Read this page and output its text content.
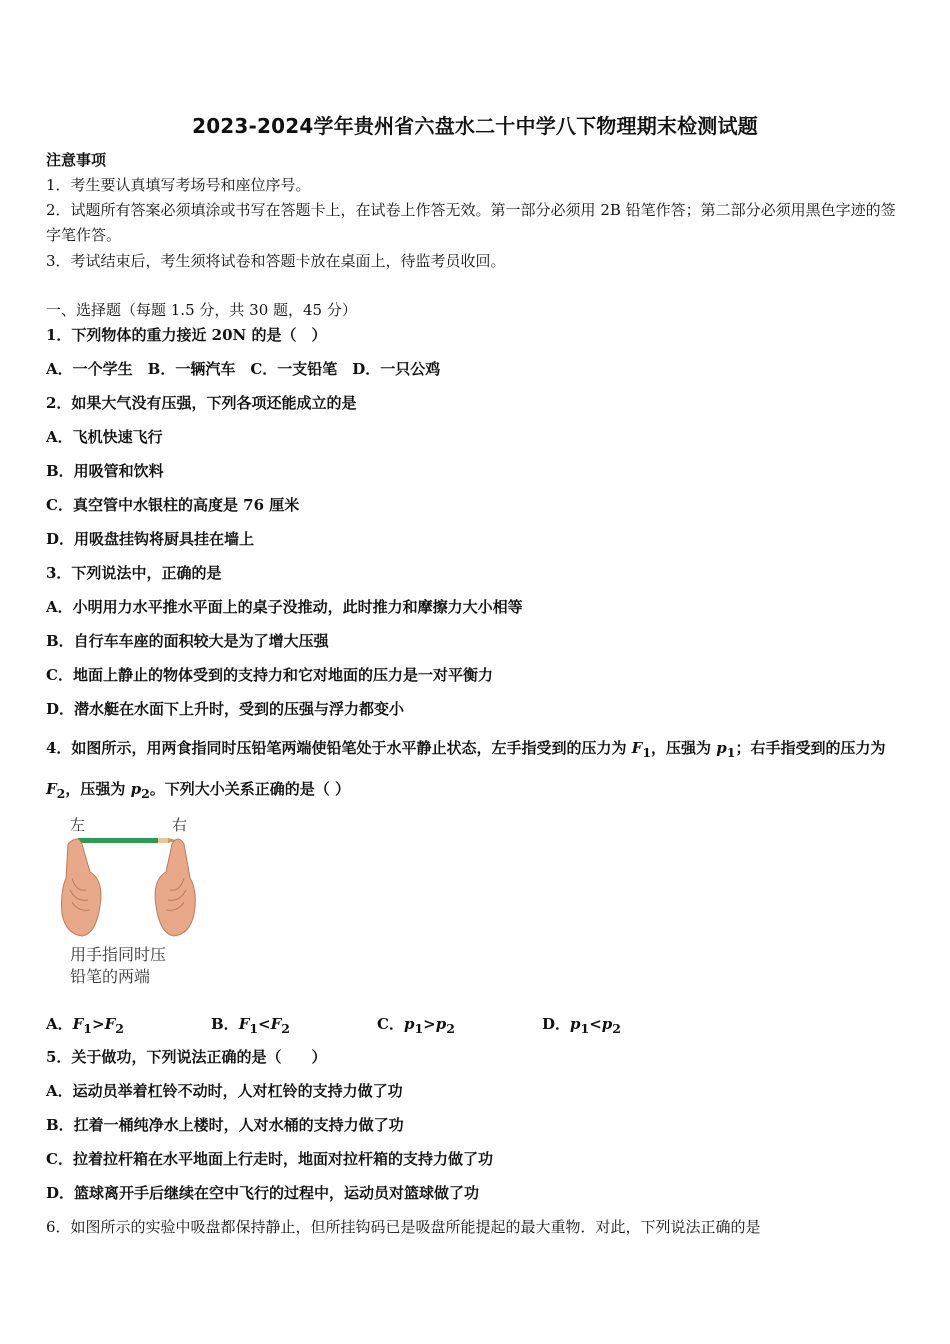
2023-2024学年贵州省六盘水二十中学八下物理期末检测试题
注意事项
1．考生要认真填写考场号和座位序号。
2．试题所有答案必须填涂或书写在答题卡上，在试卷上作答无效。第一部分必须用 2B 铅笔作答；第二部分必须用黑色字迹的签字笔作答。
3．考试结束后，考生须将试卷和答题卡放在桌面上，待监考员收回。
一、选择题（每题 1.5 分，共 30 题，45 分）
1．下列物体的重力接近 20N 的是（　）
A．一个学生　B．一辆汽车　C．一支铅笔　D．一只公鸡
2．如果大气没有压强，下列各项还能成立的是
A．飞机快速飞行
B．用吸管和饮料
C．真空管中水银柱的高度是 76 厘米
D．用吸盘挂钩将厨具挂在墙上
3．下列说法中，正确的是
A．小明用力水平推水平面上的桌子没推动，此时推力和摩擦力大小相等
B．自行车车座的面积较大是为了增大压强
C．地面上静止的物体受到的支持力和它对地面的压力是一对平衡力
D．潜水艇在水面下上升时，受到的压强与浮力都变小
4．如图所示，用两食指同时压铅笔两端使铅笔处于水平静止状态，左手指受到的压力为 $F_1$，压强为 $p_1$；右手指受到的压力为 $F_2$，压强为 $p_2$。下列大小关系正确的是（ ）
左	右
用手指同时压
铅笔的两端
A．$F_1>F_2$	B．$F_1<F_2$	C．$p_1>p_2$	D．$p_1<p_2$
5．关于做功，下列说法正确的是（　　）
A．运动员举着杠铃不动时，人对杠铃的支持力做了功
B．扛着一桶纯净水上楼时，人对水桶的支持力做了功
C．拉着拉杆箱在水平地面上行走时，地面对拉杆箱的支持力做了功
D．篮球离开手后继续在空中飞行的过程中，运动员对篮球做了功
6．如图所示的实验中吸盘都保持静止，但所挂钩码已是吸盘所能提起的最大重物．对此，下列说法正确的是
